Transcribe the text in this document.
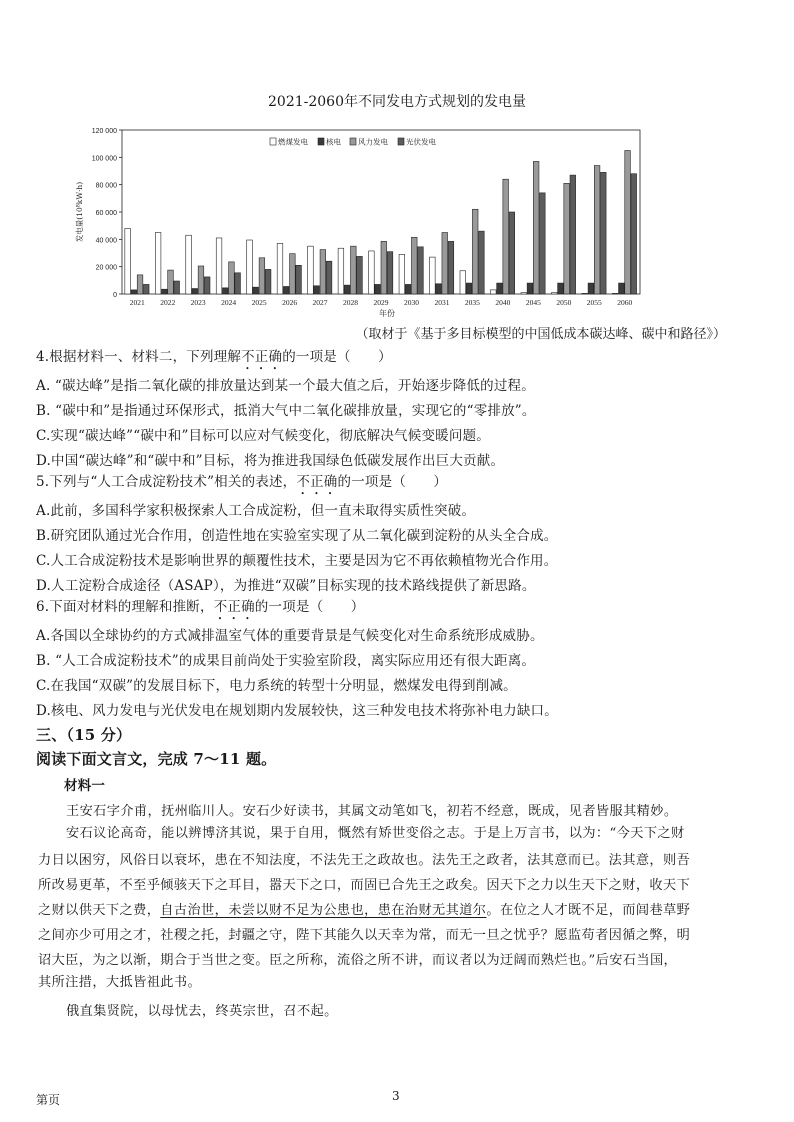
2021-2060年不同发电方式规划的发电量
0
20 000
40 000
60 000
80 000
100 000
120 000
发电量(10⁸kW·h)
年份
2021 2022 2023 2024 2025 2026 2027 2028 2029 2030 2031 2035 2040 2045 2050 2055 2060
燃煤发电 核电 风力发电 光伏发电
（取材于《基于多目标模型的中国低成本碳达峰、碳中和路径》）
4.根据材料一、材料二，下列理解不正确的一项是（　　）
A. “碳达峰”是指二氧化碳的排放量达到某一个最大值之后，开始逐步降低的过程。
B. “碳中和”是指通过环保形式，抵消大气中二氧化碳排放量，实现它的“零排放”。
C.实现“碳达峰”“碳中和”目标可以应对气候变化，彻底解决气候变暖问题。
D.中国“碳达峰”和“碳中和”目标，将为推进我国绿色低碳发展作出巨大贡献。
5.下列与“人工合成淀粉技术”相关的表述，不正确的一项是（　　）
A.此前，多国科学家积极探索人工合成淀粉，但一直未取得实质性突破。
B.研究团队通过光合作用，创造性地在实验室实现了从二氧化碳到淀粉的从头全合成。
C.人工合成淀粉技术是影响世界的颠覆性技术，主要是因为它不再依赖植物光合作用。
D.人工淀粉合成途径（ASAP），为推进“双碳”目标实现的技术路线提供了新思路。
6.下面对材料的理解和推断，不正确的一项是（　　）
A.各国以全球协约的方式减排温室气体的重要背景是气候变化对生命系统形成威胁。
B. “人工合成淀粉技术”的成果目前尚处于实验室阶段，离实际应用还有很大距离。
C.在我国“双碳”的发展目标下，电力系统的转型十分明显，燃煤发电得到削减。
D.核电、风力发电与光伏发电在规划期内发展较快，这三种发电技术将弥补电力缺口。
三、（15 分）
阅读下面文言文，完成 7～11 题。
材料一
王安石字介甫，抚州临川人。安石少好读书，其属文动笔如飞，初若不经意，既成，见者皆服其精妙。
安石议论高奇，能以辨博济其说，果于自用，慨然有矫世变俗之志。于是上万言书，以为：“今天下之财
力日以困穷，风俗日以衰坏，患在不知法度，不法先王之政故也。法先王之政者，法其意而已。法其意，则吾
所改易更革，不至乎倾骇天下之耳目，嚣天下之口，而固已合先王之政矣。因天下之力以生天下之财，收天下
之财以供天下之费，自古治世，未尝以财不足为公患也，患在治财无其道尔。在位之人才既不足，而闾巷草野
之间亦少可用之才，社稷之托，封疆之守，陛下其能久以天幸为常，而无一旦之忧乎？愿监苟者因循之弊，明
诏大臣，为之以渐，期合于当世之变。臣之所称，流俗之所不讲，而议者以为迂阔而熟烂也。”后安石当国，
其所注措，大抵皆祖此书。
俄直集贤院，以母忧去，终英宗世，召不起。
第页	3
